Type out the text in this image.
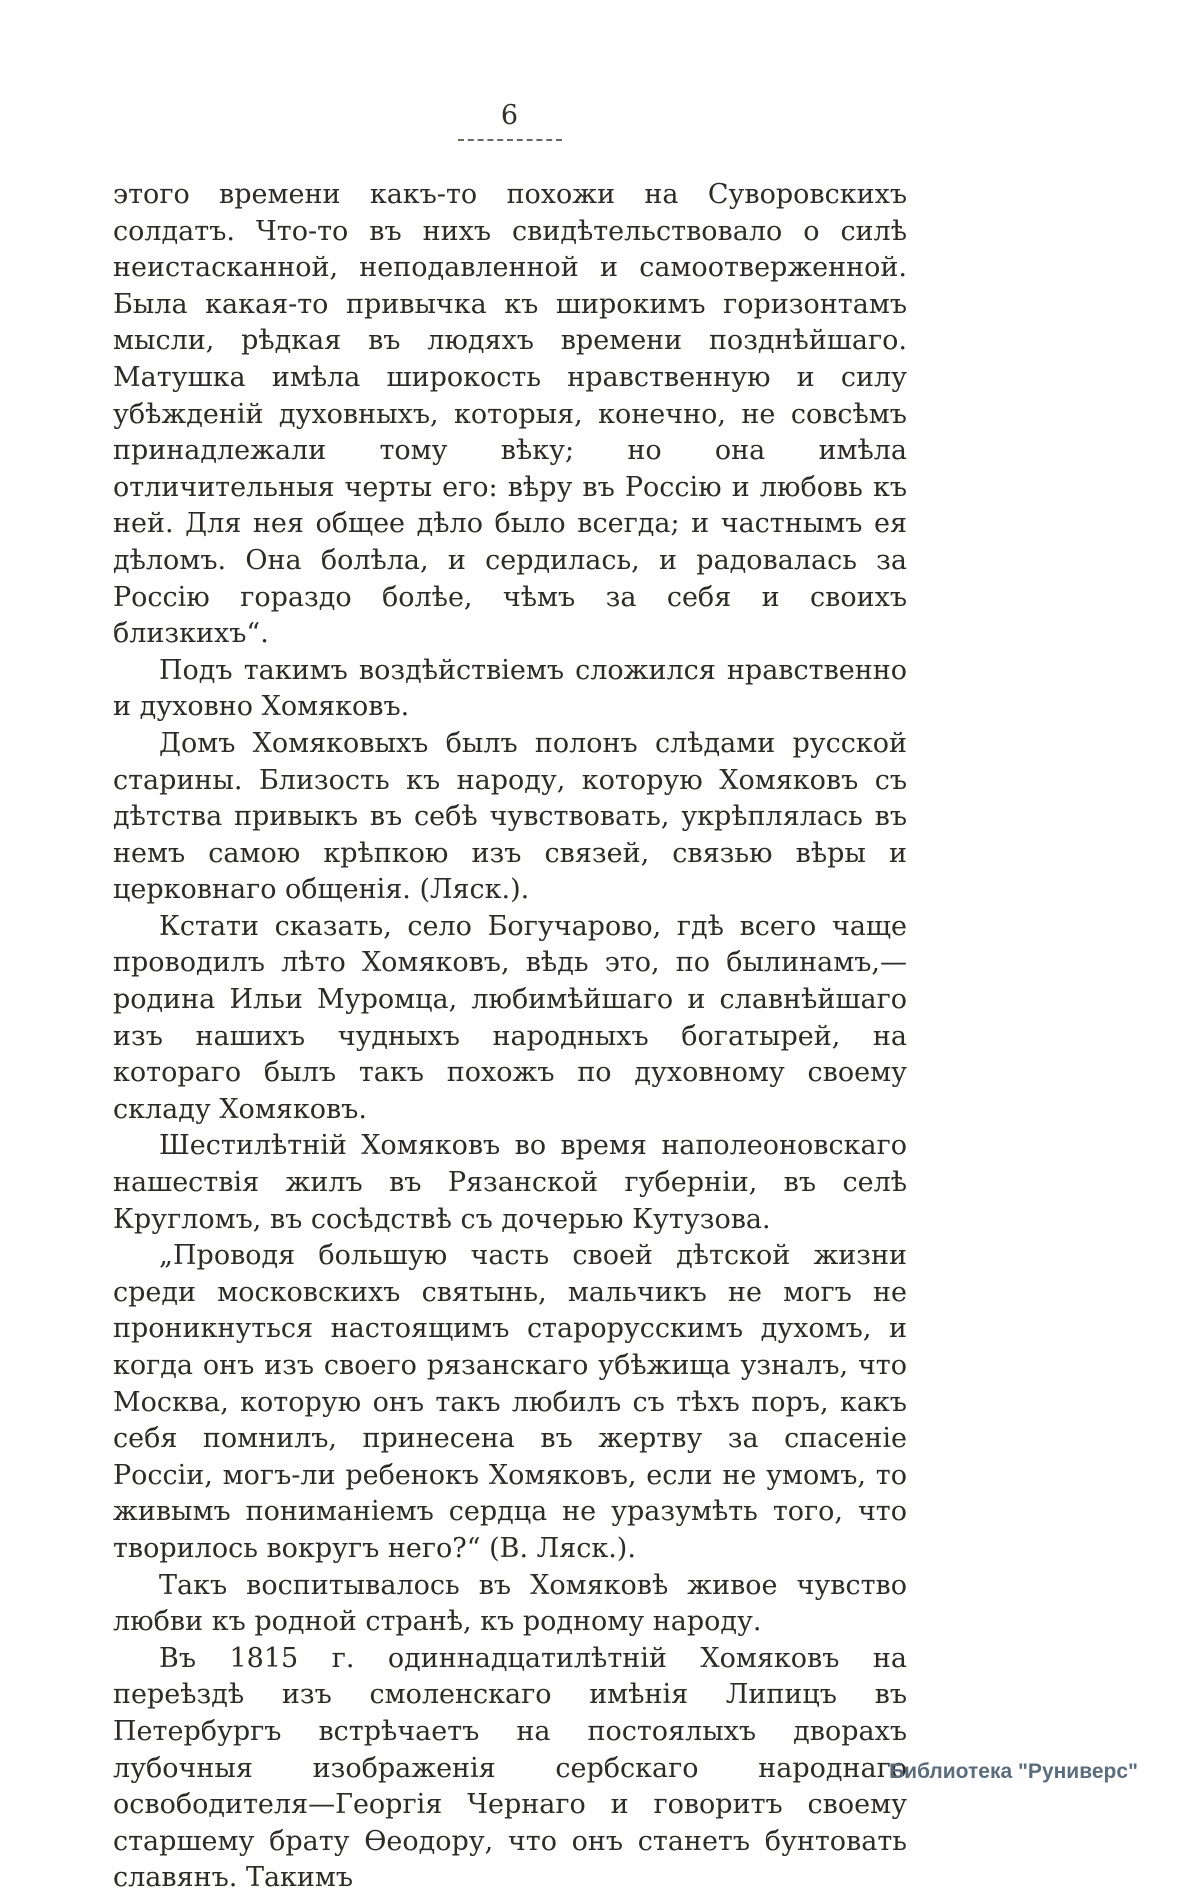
6

этого времени какъ-то похожи на Суворовскихъ солдатъ. Что-то въ нихъ свидѣтельствовало о силѣ неистасканной, неподавленной и самоотверженной. Была какая-то привычка къ широкимъ горизонтамъ мысли, рѣдкая въ людяхъ времени позднѣйшаго. Матушка имѣла широкость нравственную и силу убѣжденій духовныхъ, которыя, конечно, не совсѣмъ принадлежали тому вѣку; но она имѣла отличительныя черты его: вѣру въ Россію и любовь къ ней. Для нея общее дѣло было всегда; и частнымъ ея дѣломъ. Она болѣла, и сердилась, и радовалась за Россію гораздо болѣе, чѣмъ за себя и своихъ близкихъ“.

Подъ такимъ воздѣйствіемъ сложился нравственно и духовно Хомяковъ.

Домъ Хомяковыхъ былъ полонъ слѣдами русской старины. Близость къ народу, которую Хомяковъ съ дѣтства привыкъ въ себѣ чувствовать, укрѣплялась въ немъ самою крѣпкою изъ связей, связью вѣры и церковнаго общенія. (Ляск.).

Кстати сказать, село Богучарово, гдѣ всего чаще проводилъ лѣто Хомяковъ, вѣдь это, по былинамъ,—родина Ильи Муромца, любимѣйшаго и славнѣйшаго изъ нашихъ чудныхъ народныхъ богатырей, на котораго былъ такъ похожъ по духовному своему складу Хомяковъ.

Шестилѣтній Хомяковъ во время наполеоновскаго нашествія жилъ въ Рязанской губерніи, въ селѣ Кругломъ, въ сосѣдствѣ съ дочерью Кутузова.

„Проводя большую часть своей дѣтской жизни среди московскихъ святынь, мальчикъ не могъ не проникнуться настоящимъ старорусскимъ духомъ, и когда онъ изъ своего рязанскаго убѣжища узналъ, что Москва, которую онъ такъ любилъ съ тѣхъ поръ, какъ себя помнилъ, принесена въ жертву за спасеніе Россіи, могъ-ли ребенокъ Хомяковъ, если не умомъ, то живымъ пониманіемъ сердца не уразумѣть того, что творилось вокругъ него?“ (В. Ляск.).

Такъ воспитывалось въ Хомяковѣ живое чувство любви къ родной странѣ, къ родному народу.

Въ 1815 г. одиннадцатилѣтній Хомяковъ на переѣздѣ изъ смоленскаго имѣнія Липицъ въ Петербургъ встрѣчаетъ на постоялыхъ дворахъ лубочныя изображенія сербскаго народнаго освободителя—Георгія Чернаго и говоритъ своему старшему брату Ѳеодору, что онъ станетъ бунтовать славянъ. Такимъ

Библиотека "Руниверс"
